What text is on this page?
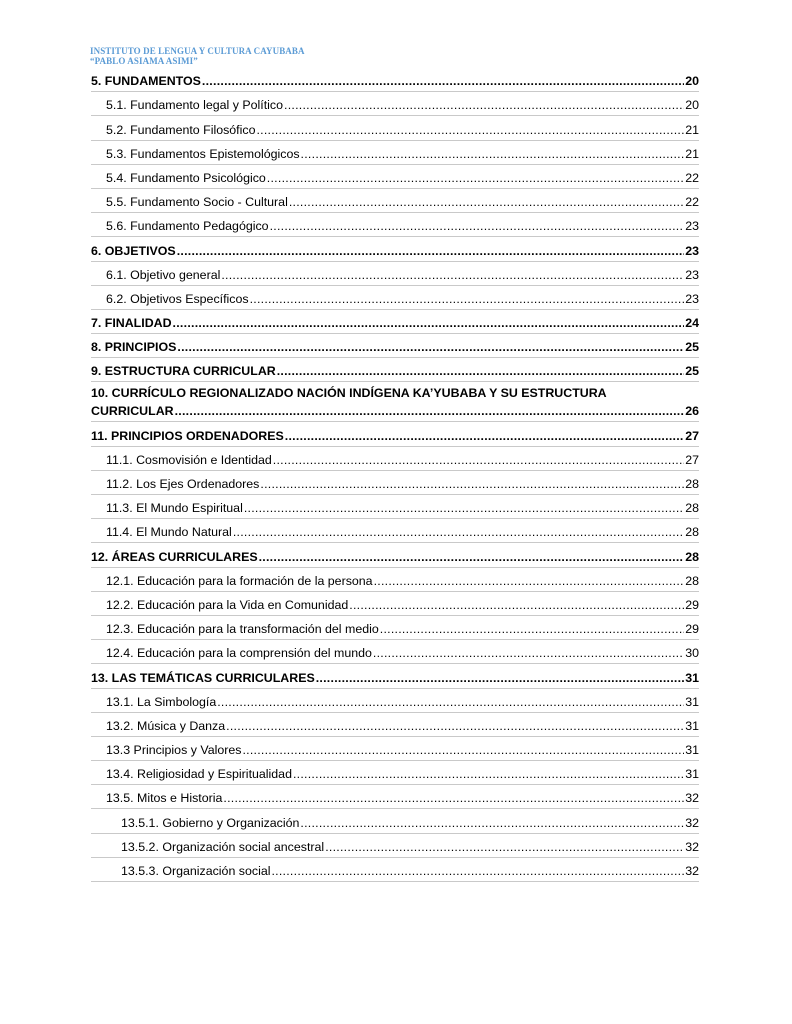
INSTITUTO DE LENGUA Y CULTURA CAYUBABA
“PABLO ASIAMA ASIMI”
5. FUNDAMENTOS .....	20
5.1. Fundamento legal y Político .....	20
5.2. Fundamento Filosófico .....	21
5.3. Fundamentos Epistemológicos .....	21
5.4. Fundamento Psicológico .....	22
5.5. Fundamento Socio - Cultural .....	22
5.6. Fundamento Pedagógico .....	23
6. OBJETIVOS .....	23
6.1. Objetivo general .....	23
6.2. Objetivos Específicos .....	23
7. FINALIDAD .....	24
8. PRINCIPIOS .....	25
9. ESTRUCTURA CURRICULAR .....	25
10. CURRÍCULO REGIONALIZADO NACIÓN INDÍGENA KA’YUBABA Y SU ESTRUCTURA
CURRICULAR .....	26
11. PRINCIPIOS ORDENADORES .....	27
11.1. Cosmovisión e Identidad .....	27
11.2. Los Ejes Ordenadores .....	28
11.3. El Mundo Espiritual .....	28
11.4. El Mundo Natural .....	28
12. ÁREAS CURRICULARES .....	28
12.1. Educación para la formación de la persona .....	28
12.2. Educación para la Vida en Comunidad .....	29
12.3. Educación para la transformación del medio .....	29
12.4. Educación para la comprensión del mundo .....	30
13. LAS TEMÁTICAS CURRICULARES .....	31
13.1. La Simbología .....	31
13.2. Música y Danza .....	31
13.3 Principios y Valores .....	31
13.4. Religiosidad y Espiritualidad .....	31
13.5. Mitos e Historia .....	32
13.5.1. Gobierno y Organización .....	32
13.5.2. Organización social ancestral .....	32
13.5.3. Organización social .....	32
